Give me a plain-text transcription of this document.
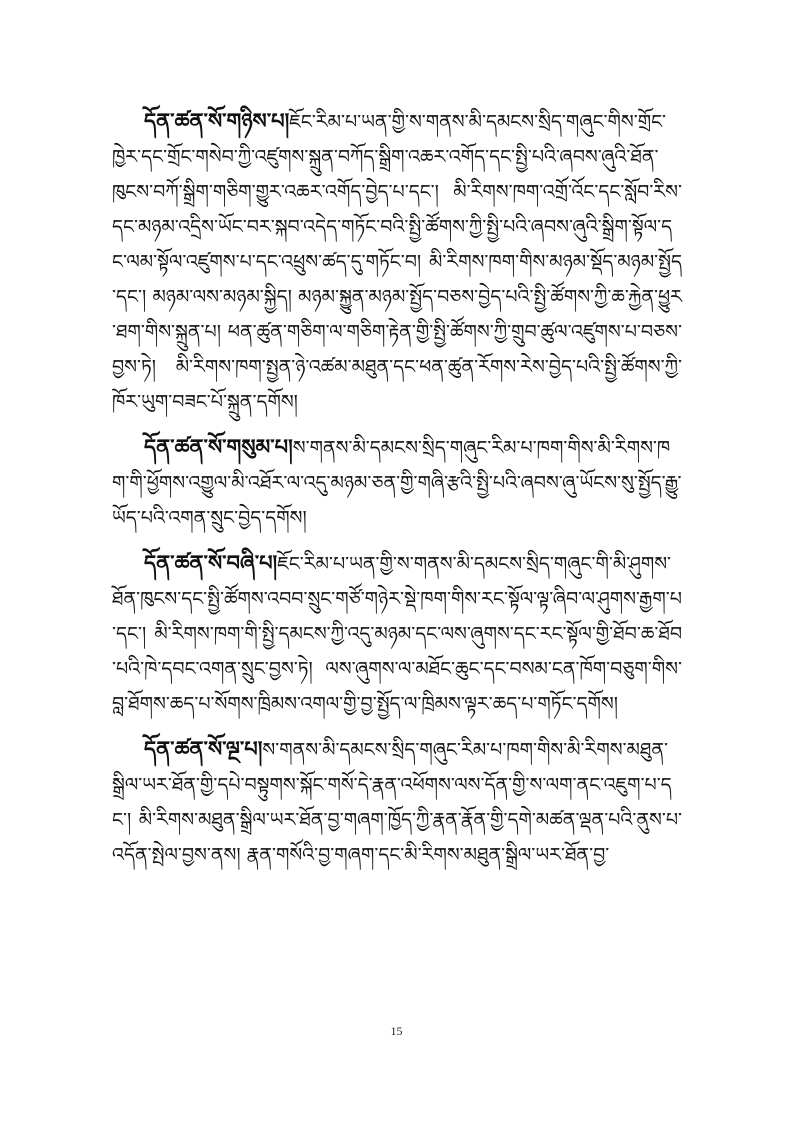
དོན་ཚན་སོ་གཉིས་པ།ཇོང་རིམ་པ་ཡན་གྱི་ས་གནས་མི་དམངས་སྲིད་གཞུང་གིས་གྲོང་ཁྱེར་དང་གྲོང་གསེབ་ཀྱི་འཛུགས་སྐྲུན་བཀོད་སྒྲིག་འཆར་འགོད་དང་སྤྱི་པའི་ཞབས་ཞུའི་ཐོན་ཁུངས་བཀོ་སྒྲིག་གཅིག་གྱུར་འཆར་འགོད་བྱེད་པ་དང་། མི་རིགས་ཁག་འགྲོ་འོང་དང་སློབ་རིས་དང་མཉམ་འདྲིས་ཡོང་བར་སྐབ་འདེད་གཏོང་བའི་སྤྱི་ཚོགས་ཀྱི་སྤྱི་པའི་ཞབས་ཞུའི་སྒྲིག་སྟོལ་དང་ལམ་སྟོལ་འཛུགས་པ་དང་འཕྲུས་ཚད་དུ་གཏོང་བ། མི་རིགས་ཁག་གིས་མཉམ་སྡོད་མཉམ་སྤྱོད་དང་། མཉམ་ལས་མཉམ་སྐྱིད། མཉམ་སྐྱུན་མཉམ་སྤྱོད་བཅས་བྱེད་པའི་སྤྱི་ཚོགས་ཀྱི་ཆ་རྐྱེན་ཕྱུར་ཐག་གིས་སྐྲུན་པ། ཕན་ཚུན་གཅིག་ལ་གཅིག་རྟེན་གྱི་སྤྱི་ཚོགས་ཀྱི་གྲུབ་ཚུལ་འཛུགས་པ་བཅས་བྱས་ཏེ། མི་རིགས་ཁག་སྤྱན་ཉེ་འཚམ་མཐུན་དང་ཕན་ཚུན་རོགས་རེས་བྱེད་པའི་སྤྱི་ཚོགས་ཀྱི་ཁོར་ཡུག་བཟང་པོ་སྐྲུན་དགོས།

དོན་ཚན་སོ་གསུམ་པ།ས་གནས་མི་དམངས་སྲིད་གཞུང་རིམ་པ་ཁག་གིས་མི་རིགས་ཁག་གི་ཕྱོགས་འགྱུལ་མི་འཐོར་ལ་འདུ་མཉམ་ཅན་གྱི་གཞི་རྩའི་སྤྱི་པའི་ཞབས་ཞུ་ཡོངས་སུ་སྤྱོད་རྒྱུ་ཡོད་པའི་འགན་སྲུང་བྱེད་དགོས།

དོན་ཚན་སོ་བཞི་པ།ཇོང་རིམ་པ་ཡན་གྱི་ས་གནས་མི་དམངས་སྲིད་གཞུང་གི་མི་ཤུགས་ཐོན་ཁུངས་དང་སྤྱི་ཚོགས་འབབ་སྲུང་གཙོ་གཉེར་སྡེ་ཁག་གིས་རང་སྟོལ་ལྟ་ཞིབ་ལ་ཤུགས་རྒྱག་པ་དང་། མི་རིགས་ཁག་གི་སྤྱི་དམངས་ཀྱི་འདུ་མཉམ་དང་ལས་ཞུགས་དང་རང་སྟོལ་གྱི་ཐོབ་ཆ་ཐོབ་པའི་ཁེ་དབང་འགན་སྲུང་བྱས་ཏེ། ལས་ཞུགས་ལ་མཐོང་ཆུང་དང་བསམ་ངན་ཁོག་བཅུག་གིས་བླ་ཐོགས་ཆད་པ་སོགས་ཁྲིམས་འགལ་གྱི་བྱ་སྤྱོད་ལ་ཁྲིམས་ལྟར་ཆད་པ་གཏོང་དགོས།

དོན་ཚན་སོ་ལྔ་པ།ས་གནས་མི་དམངས་སྲིད་གཞུང་རིམ་པ་ཁག་གིས་མི་རིགས་མཐུན་སྒྲིལ་ཡར་ཐོན་གྱི་དཔེ་བསྟུགས་སྐོང་གསོ་དེ་རྣན་འཕོགས་ལས་དོན་གྱི་ས་ལག་ནང་འཇུག་པ་དང་། མི་རིགས་མཐུན་སྒྲིལ་ཡར་ཐོན་བྱ་གཞག་ཁྱོད་ཀྱི་རྣན་རྣོན་གྱི་དགེ་མཚན་ལྡན་པའི་ནུས་པ་འདོན་སྤེལ་བྱས་ནས། རྣན་གསོའི་བྱ་གཞག་དང་མི་རིགས་མཐུན་སྒྲིལ་ཡར་ཐོན་བྱ་

15
